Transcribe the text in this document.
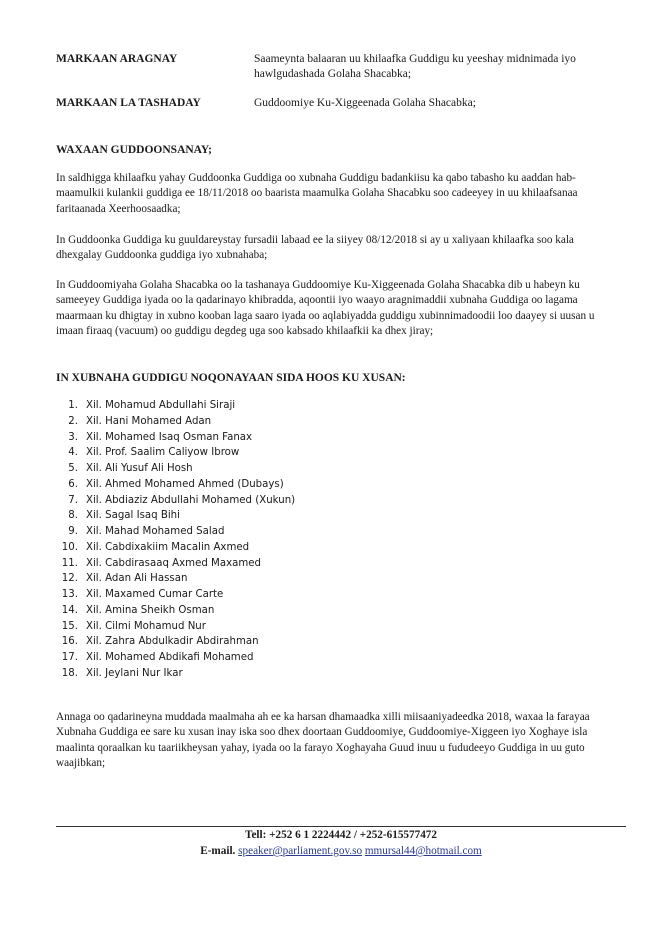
MARKAAN ARAGNAY	Saameynta balaaran uu khilaafka Guddigu ku yeeshay midnimada iyo hawlgudashada Golaha Shacabka;
MARKAAN LA TASHADAY	Guddoomiye Ku-Xiggeenada Golaha Shacabka;
WAXAAN GUDDOONSANAY;
In saldhigga khilaafku yahay Guddoonka Guddiga oo xubnaha Guddigu badankiisu ka qabo tabasho ku aaddan hab-maamulkii kulankii guddiga ee 18/11/2018 oo baarista maamulka Golaha Shacabku soo cadeeyey in uu khilaafsanaa faritaanada Xeerhoosaadka;
In Guddoonka Guddiga ku guuldareystay fursadii labaad ee la siiyey 08/12/2018 si ay u xaliyaan khilaafka soo kala dhexgalay Guddoonka guddiga iyo xubnahaba;
In Guddoomiyaha Golaha Shacabka oo la tashanaya Guddoomiye Ku-Xiggeenada Golaha Shacabka dib u habeyn ku sameeyey Guddiga iyada oo la qadarinayo khibradda, aqoontii iyo waayo aragnimaddii xubnaha Guddiga oo lagama maarmaan ku dhigtay in xubno kooban laga saaro iyada oo aqlabiyadda guddigu xubinnimadoodii loo daayey si uusan u imaan firaaq (vacuum) oo guddigu degdeg uga soo kabsado khilaafkii ka dhex jiray;
IN XUBNAHA GUDDIGU NOQONAYAAN SIDA HOOS KU XUSAN:
1. Xil. Mohamud Abdullahi Siraji
2. Xil. Hani Mohamed Adan
3. Xil. Mohamed Isaq Osman Fanax
4. Xil. Prof. Saalim Caliyow Ibrow
5. Xil. Ali Yusuf Ali Hosh
6. Xil. Ahmed Mohamed Ahmed (Dubays)
7. Xil. Abdiaziz Abdullahi Mohamed (Xukun)
8. Xil. Sagal Isaq Bihi
9. Xil. Mahad Mohamed Salad
10. Xil. Cabdixakiim Macalin Axmed
11. Xil. Cabdirasaaq Axmed Maxamed
12. Xil. Adan Ali Hassan
13. Xil. Maxamed Cumar Carte
14. Xil. Amina Sheikh Osman
15. Xil. Cilmi Mohamud Nur
16. Xil. Zahra Abdulkadir Abdirahman
17. Xil. Mohamed Abdikafi Mohamed
18. Xil. Jeylani Nur Ikar
Annaga oo qadarineyna muddada maalmaha ah ee ka harsan dhamaadka xilli miisaaniyadeedka 2018, waxaa la farayaa Xubnaha Guddiga ee sare ku xusan inay iska soo dhex doortaan Guddoomiye, Guddoomiye-Xiggeen iyo Xoghaye isla maalinta qoraalkan ku taariikheysan yahay, iyada oo la farayo Xoghayaha Guud inuu u fududeeyo Guddiga in uu guto waajibkan;
Tell: +252 6 1 2224442 / +252-615577472
E-mail. speaker@parliament.gov.so mmursal44@hotmail.com
